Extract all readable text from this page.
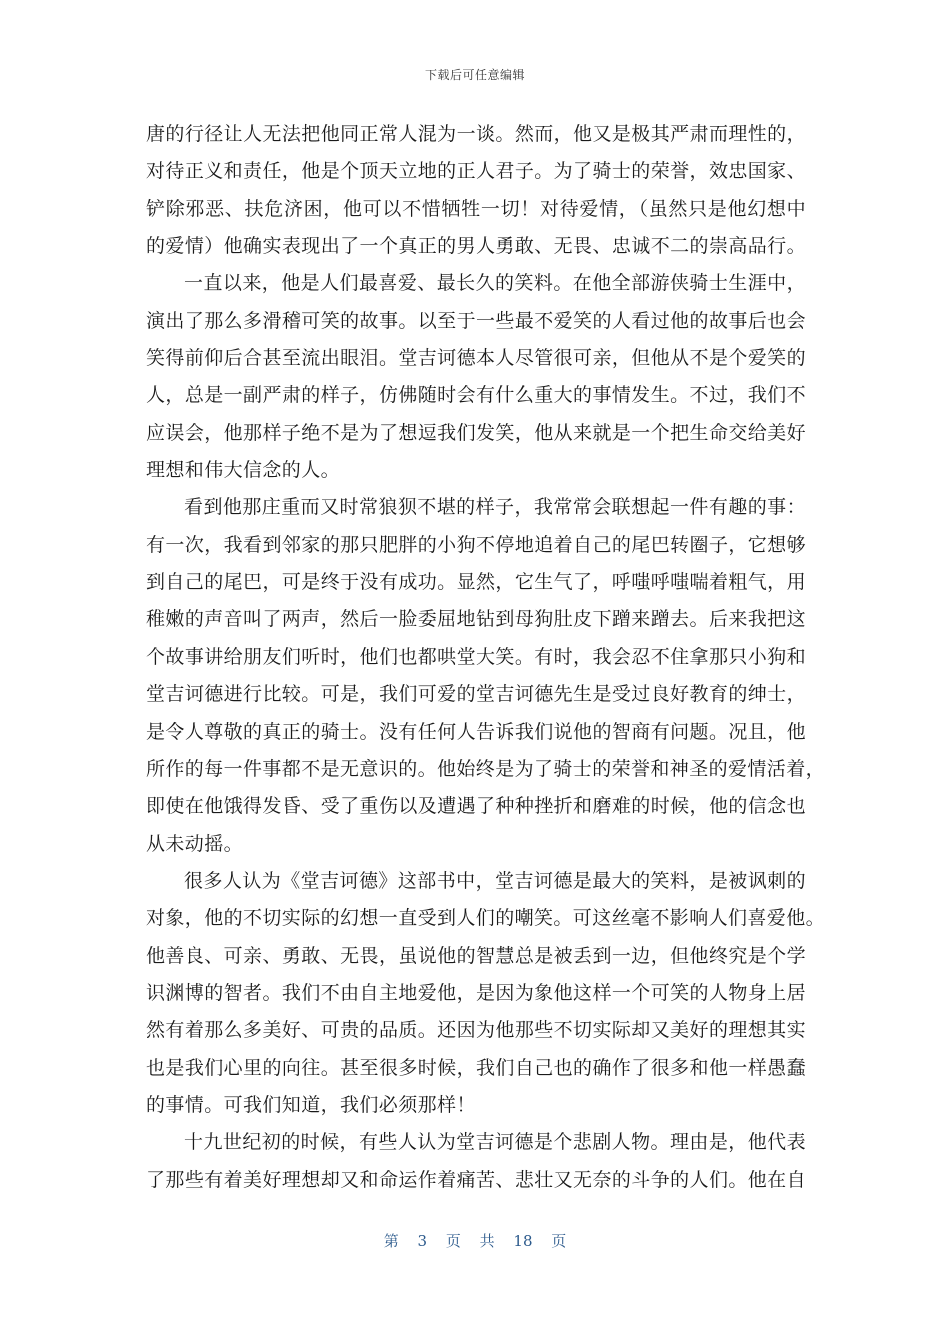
下载后可任意编辑
唐的行径让人无法把他同正常人混为一谈。然而，他又是极其严肃而理性的，
对待正义和责任，他是个顶天立地的正人君子。为了骑士的荣誉，效忠国家、
铲除邪恶、扶危济困，他可以不惜牺牲一切！对待爱情，（虽然只是他幻想中
的爱情）他确实表现出了一个真正的男人勇敢、无畏、忠诚不二的崇高品行。
一直以来，他是人们最喜爱、最长久的笑料。在他全部游侠骑士生涯中，
演出了那么多滑稽可笑的故事。以至于一些最不爱笑的人看过他的故事后也会
笑得前仰后合甚至流出眼泪。堂吉诃德本人尽管很可亲，但他从不是个爱笑的
人，总是一副严肃的样子，仿佛随时会有什么重大的事情发生。不过，我们不
应误会，他那样子绝不是为了想逗我们发笑，他从来就是一个把生命交给美好
理想和伟大信念的人。
看到他那庄重而又时常狼狈不堪的样子，我常常会联想起一件有趣的事：
有一次，我看到邻家的那只肥胖的小狗不停地追着自己的尾巴转圈子，它想够
到自己的尾巴，可是终于没有成功。显然，它生气了，呼嗤呼嗤喘着粗气，用
稚嫩的声音叫了两声，然后一脸委屈地钻到母狗肚皮下蹭来蹭去。后来我把这
个故事讲给朋友们听时，他们也都哄堂大笑。有时，我会忍不住拿那只小狗和
堂吉诃德进行比较。可是，我们可爱的堂吉诃德先生是受过良好教育的绅士，
是令人尊敬的真正的骑士。没有任何人告诉我们说他的智商有问题。况且，他
所作的每一件事都不是无意识的。他始终是为了骑士的荣誉和神圣的爱情活着，
即使在他饿得发昏、受了重伤以及遭遇了种种挫折和磨难的时候，他的信念也
从未动摇。
很多人认为《堂吉诃德》这部书中，堂吉诃德是最大的笑料，是被讽刺的
对象，他的不切实际的幻想一直受到人们的嘲笑。可这丝毫不影响人们喜爱他。
他善良、可亲、勇敢、无畏，虽说他的智慧总是被丢到一边，但他终究是个学
识渊博的智者。我们不由自主地爱他，是因为象他这样一个可笑的人物身上居
然有着那么多美好、可贵的品质。还因为他那些不切实际却又美好的理想其实
也是我们心里的向往。甚至很多时候，我们自己也的确作了很多和他一样愚蠢
的事情。可我们知道，我们必须那样！
十九世纪初的时候，有些人认为堂吉诃德是个悲剧人物。理由是，他代表
了那些有着美好理想却又和命运作着痛苦、悲壮又无奈的斗争的人们。他在自
第 3 页 共 18 页
